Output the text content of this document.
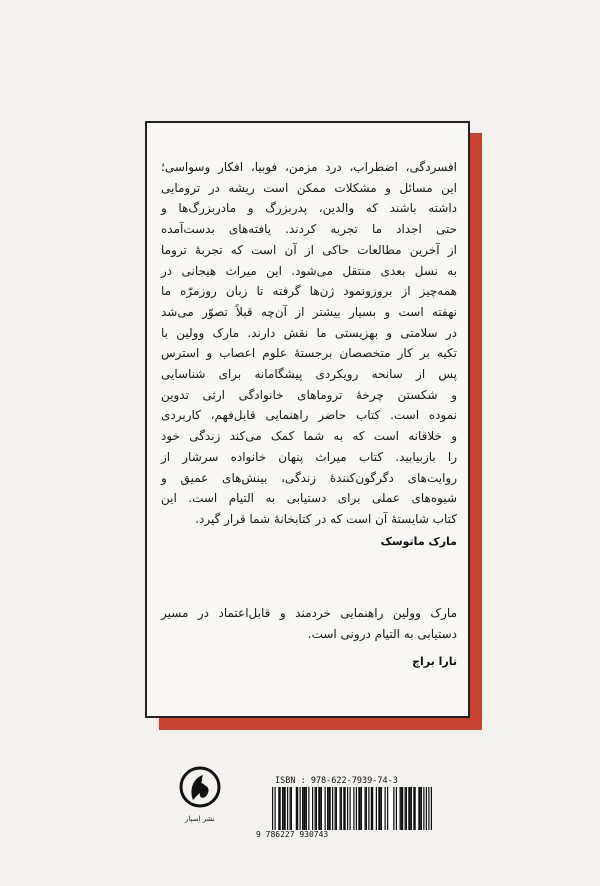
افسردگی، اضطراب، درد مزمن، فوبیا، افکار وسواسی؛
این مسائل و مشکلات ممکن است ریشه در ترومایی
داشته باشند که والدین، پدربزرگ و مادربزرگ‌ها و
حتی اجداد ما تجربه کردند. یافته‌های بدست‌آمده
از آخرین مطالعات حاکی از آن است که تجربهٔ تروما
به نسل بعدی منتقل می‌شود. این میراث هیجانی در
همه‌چیز از بروز‌ونمود ژن‌ها گرفته تا زبان روزمرّه ما
نهفته است و بسیار بیشتر از آن‌چه قبلاً تصوّر می‌شد
در سلامتی و بهزیستی ما نقش دارند. مارک وولین با
تکیه بر کار متخصصان برجستهٔ علوم اعصاب و استرس
پس از سانحه رویکردی پیشگامانه برای شناسایی
و شکستن چرخهٔ تروماهای خانوادگی ارثی تدوین
نموده است. کتاب حاضر راهنمایی قابل‌فهم، کاربردی
و خلاقانه است که به شما کمک می‌کند زندگی خود
را بازبیابید. کتاب میراث پنهان خانواده سرشار از
روایت‌های دگرگون‌کنندهٔ زندگی، بینش‌های عمیق و
شیوه‌های عملی برای دستیابی به التیام است. این
کتاب شایستهٔ آن است که در کتابخانهٔ شما قرار گیرد.
مارک ماتوسک
مارک وولین راهنمایی خردمند و قابل‌اعتماد در مسیر
دستیابی به التیام درونی است.
تارا براچ
نشر اسپار
ISBN : 978-622-7939-74-3
9 786227 930743
